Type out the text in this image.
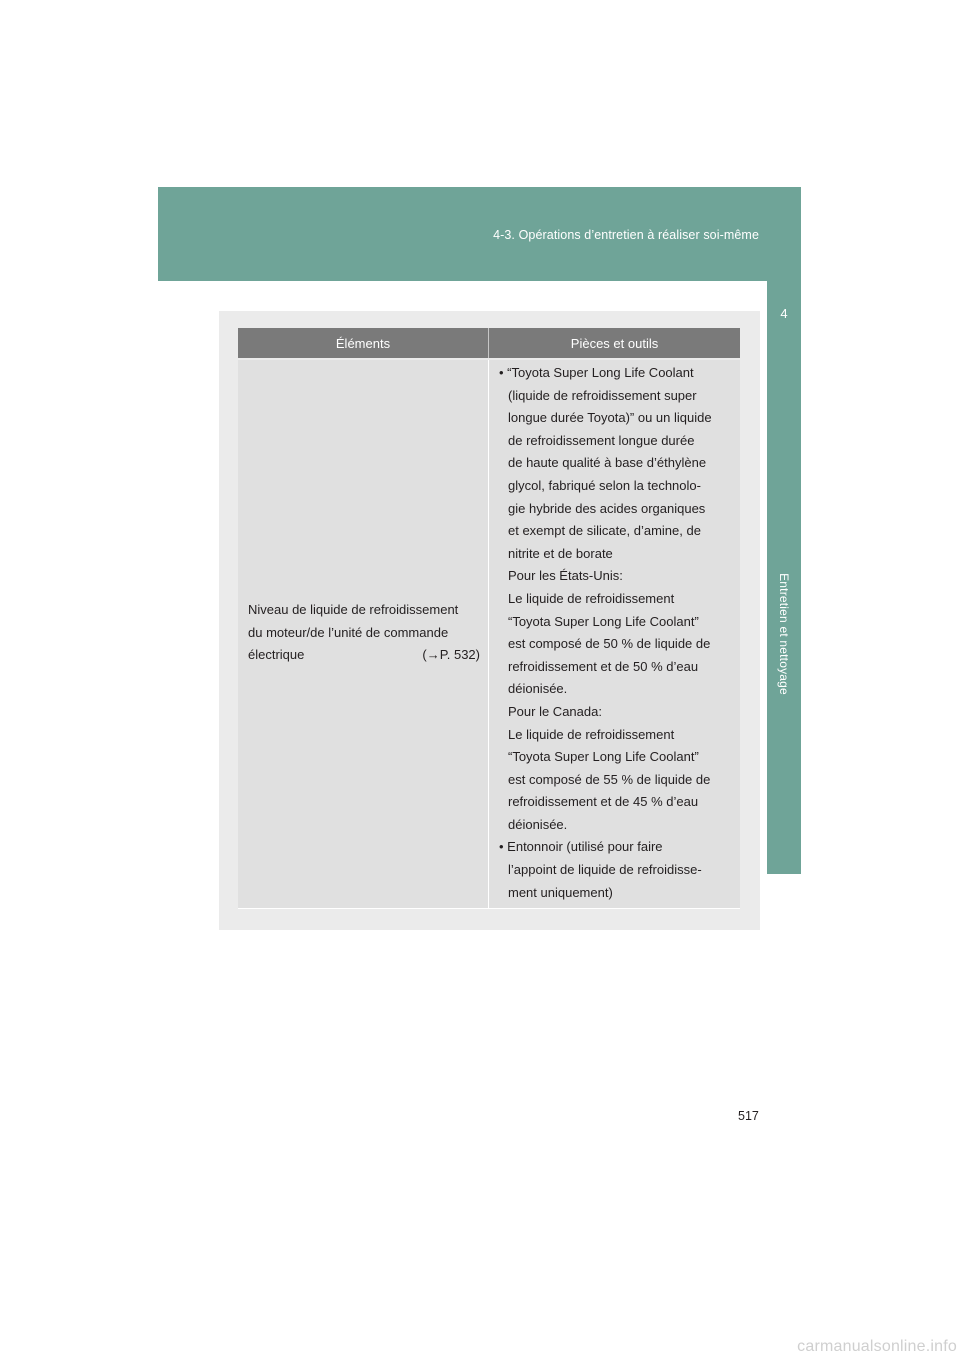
4-3. Opérations d’entretien à réaliser soi-même
4
Entretien et nettoyage
Éléments	Pièces et outils
Niveau de liquide de refroidissement
du moteur/de l’unité de commande
électrique	(→P. 532)
• “Toyota Super Long Life Coolant
(liquide de refroidissement super
longue durée Toyota)” ou un liquide
de refroidissement longue durée
de haute qualité à base d’éthylène
glycol, fabriqué selon la technolo-
gie hybride des acides organiques
et exempt de silicate, d’amine, de
nitrite et de borate
Pour les États-Unis:
Le liquide de refroidissement
“Toyota Super Long Life Coolant”
est composé de 50 % de liquide de
refroidissement et de 50 % d’eau
déionisée.
Pour le Canada:
Le liquide de refroidissement
“Toyota Super Long Life Coolant”
est composé de 55 % de liquide de
refroidissement et de 45 % d’eau
déionisée.
• Entonnoir (utilisé pour faire
l’appoint de liquide de refroidisse-
ment uniquement)
517
carmanualsonline.info
